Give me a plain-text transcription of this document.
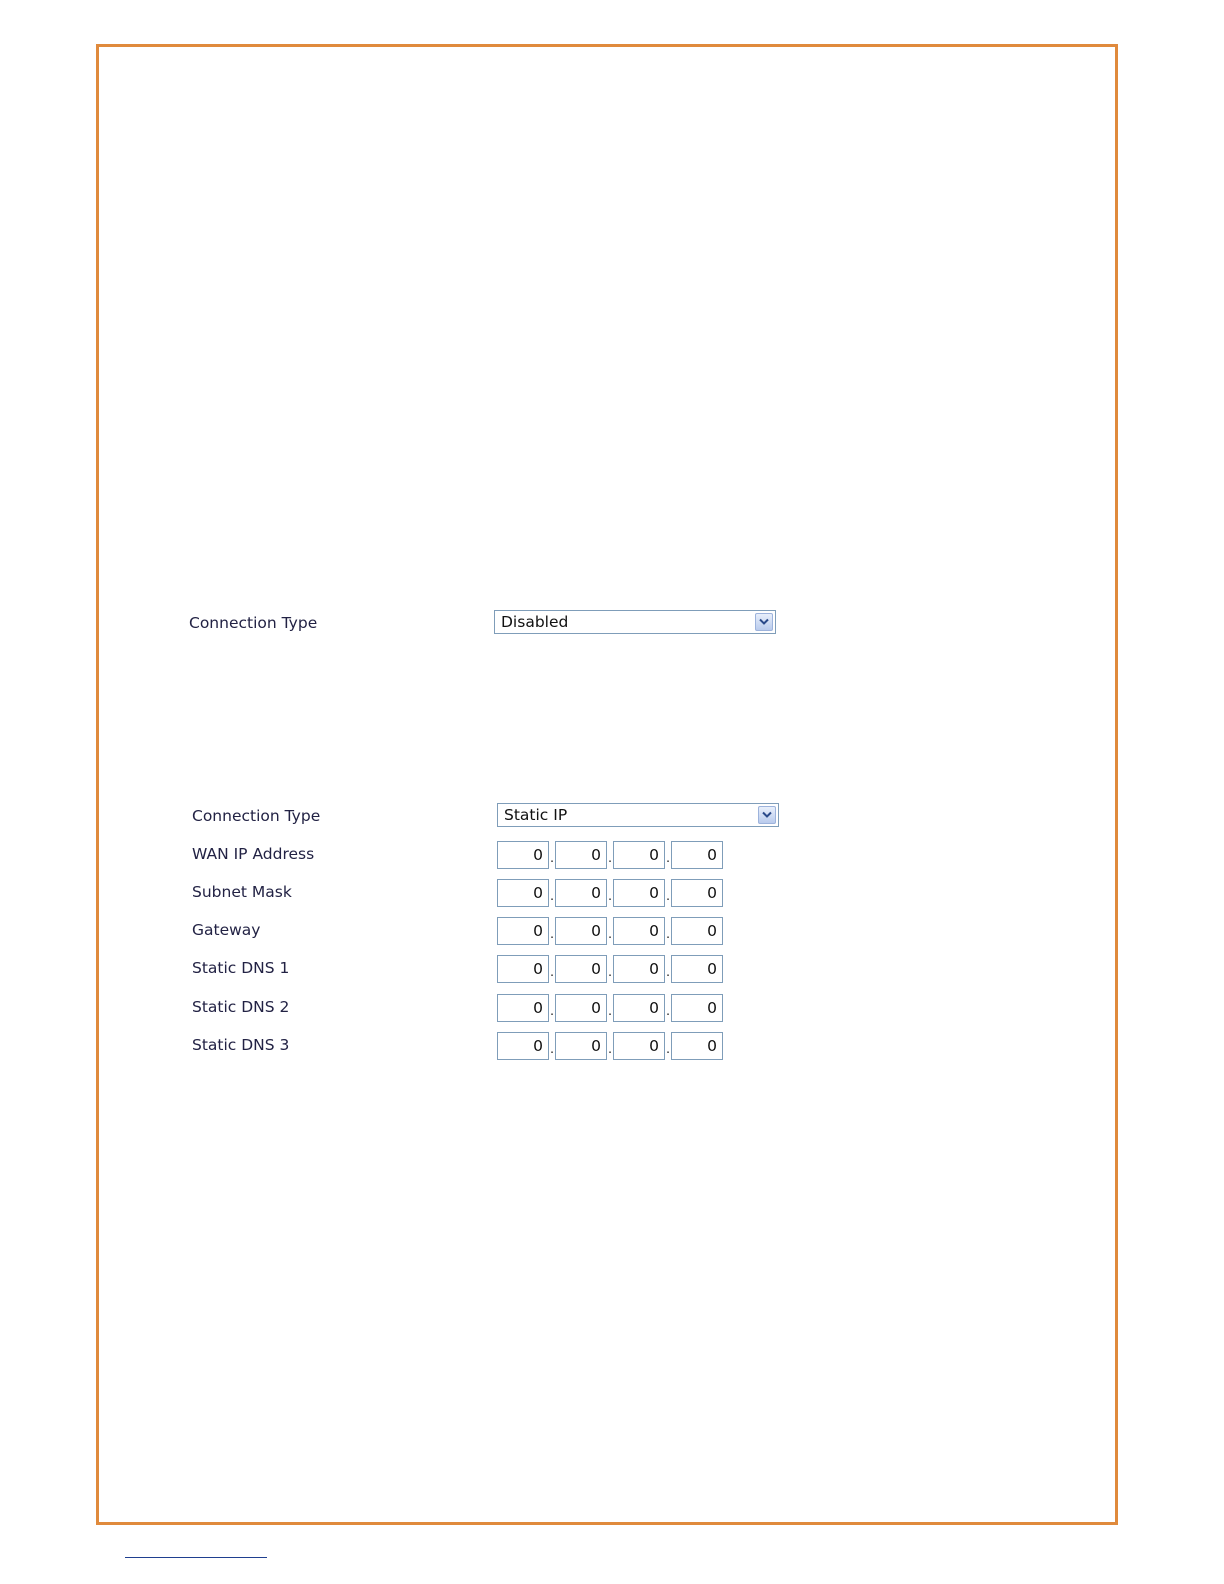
Connection Type	Disabled
Connection Type	Static IP
WAN IP Address	0 .	0 .	0 .	0
Subnet Mask	0 .	0 .	0 .	0
Gateway	0 .	0 .	0 .	0
Static DNS 1	0 .	0 .	0 .	0
Static DNS 2	0 .	0 .	0 .	0
Static DNS 3	0 .	0 .	0 .	0
